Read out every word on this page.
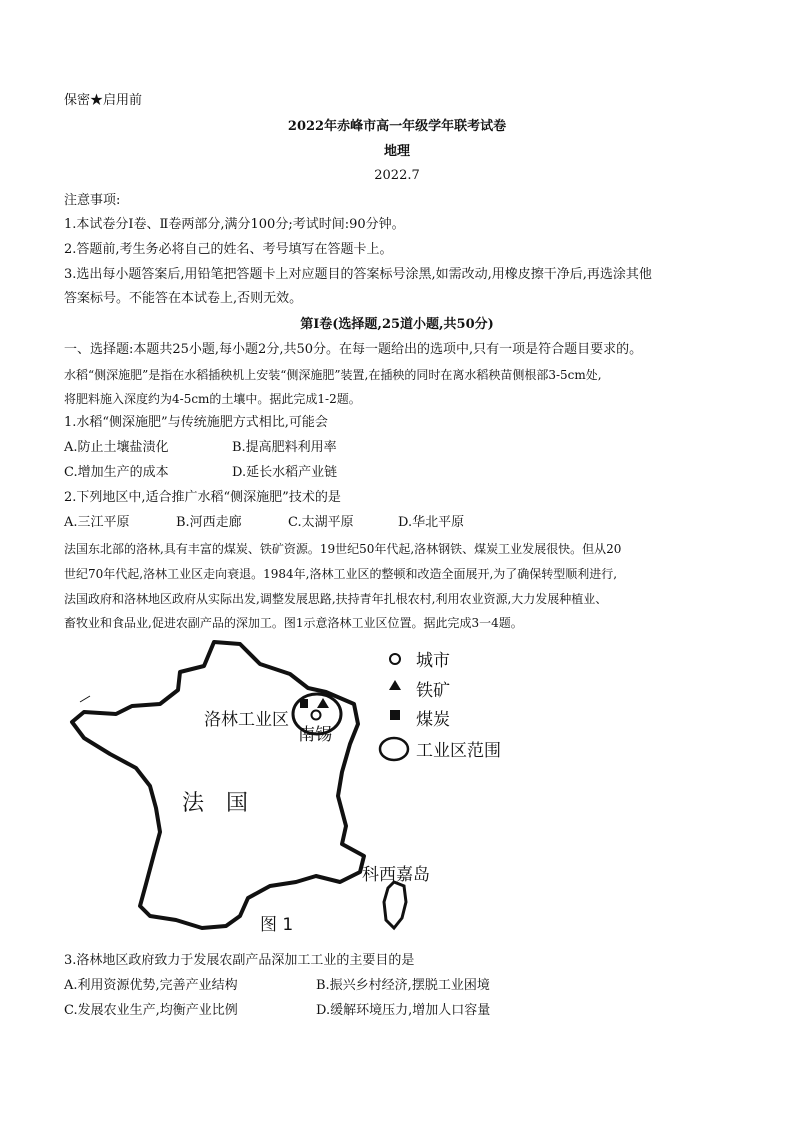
保密★启用前
2022年赤峰市高一年级学年联考试卷
地理
2022.7
注意事项:
1.本试卷分Ⅰ卷、Ⅱ卷两部分,满分100分;考试时间:90分钟。
2.答题前,考生务必将自己的姓名、考号填写在答题卡上。
3.选出每小题答案后,用铅笔把答题卡上对应题目的答案标号涂黑,如需改动,用橡皮擦干净后,再选涂其他
答案标号。不能答在本试卷上,否则无效。
第Ⅰ卷(选择题,25道小题,共50分)
一、选择题:本题共25小题,每小题2分,共50分。在每一题给出的选项中,只有一项是符合题目要求的。
水稻“侧深施肥”是指在水稻插秧机上安装“侧深施肥”装置,在插秧的同时在离水稻秧苗侧根部3-5cm处,
将肥料施入深度约为4-5cm的土壤中。据此完成1-2题。
1.水稻“侧深施肥”与传统施肥方式相比,可能会
A.防止土壤盐渍化	B.提高肥料利用率
C.增加生产的成本	D.延长水稻产业链
2.下列地区中,适合推广水稻“侧深施肥”技术的是
A.三江平原	B.河西走廊	C.太湖平原	D.华北平原
法国东北部的洛林,具有丰富的煤炭、铁矿资源。19世纪50年代起,洛林钢铁、煤炭工业发展很快。但从20
世纪70年代起,洛林工业区走向衰退。1984年,洛林工业区的整顿和改造全面展开,为了确保转型顺利进行,
法国政府和洛林地区政府从实际出发,调整发展思路,扶持青年扎根农村,利用农业资源,大力发展种植业、
畜牧业和食品业,促进农副产品的深加工。图1示意洛林工业区位置。据此完成3一4题。
洛林工业区
南锡
法　国
科西嘉岛
图 1
城市
铁矿
煤炭
工业区范围
3.洛林地区政府致力于发展农副产品深加工工业的主要目的是
A.利用资源优势,完善产业结构	B.振兴乡村经济,摆脱工业困境
C.发展农业生产,均衡产业比例	D.缓解环境压力,增加人口容量
